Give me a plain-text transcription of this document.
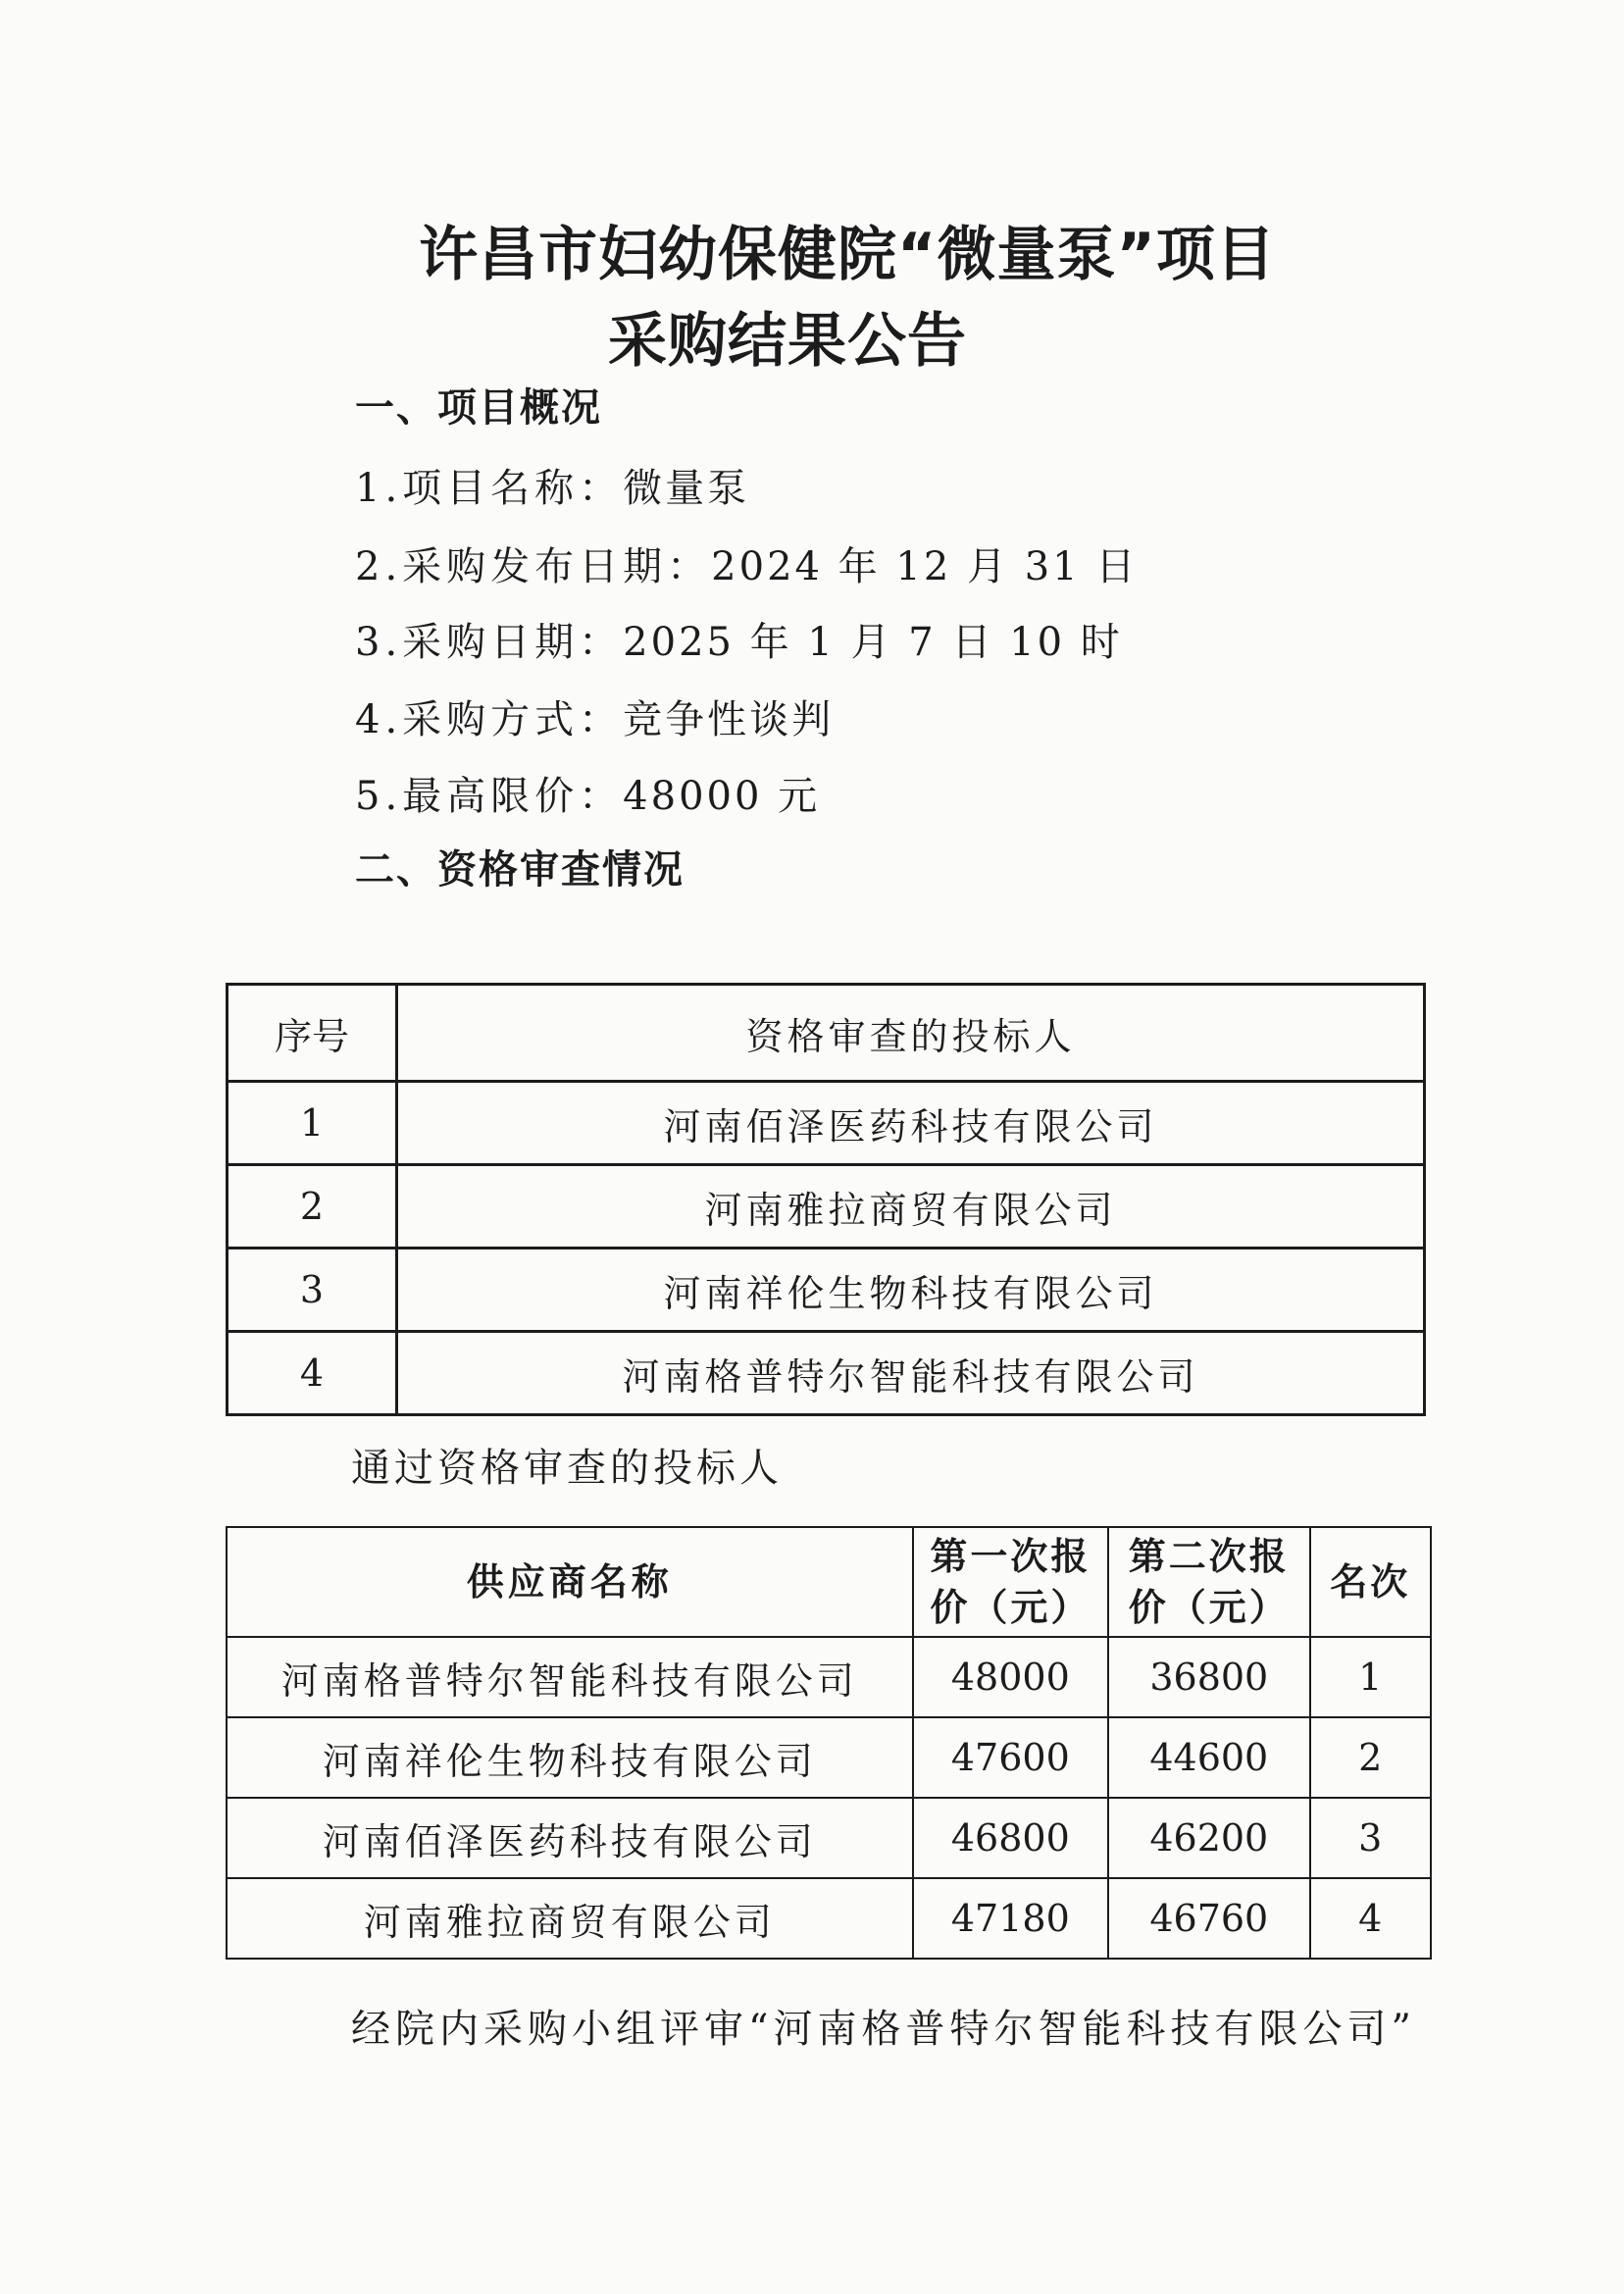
许昌市妇幼保健院“微量泵”项目
采购结果公告
一、项目概况
1.项目名称：微量泵
2.采购发布日期：2024 年 12 月 31 日
3.采购日期：2025 年 1 月 7 日 10 时
4.采购方式：竞争性谈判
5.最高限价：48000 元
二、资格审查情况
序号	资格审查的投标人
1	河南佰泽医药科技有限公司
2	河南雅拉商贸有限公司
3	河南祥伦生物科技有限公司
4	河南格普特尔智能科技有限公司
通过资格审查的投标人
供应商名称	第一次报价（元）	第二次报价（元）	名次
河南格普特尔智能科技有限公司	48000	36800	1
河南祥伦生物科技有限公司	47600	44600	2
河南佰泽医药科技有限公司	46800	46200	3
河南雅拉商贸有限公司	47180	46760	4
经院内采购小组评审“河南格普特尔智能科技有限公司”
